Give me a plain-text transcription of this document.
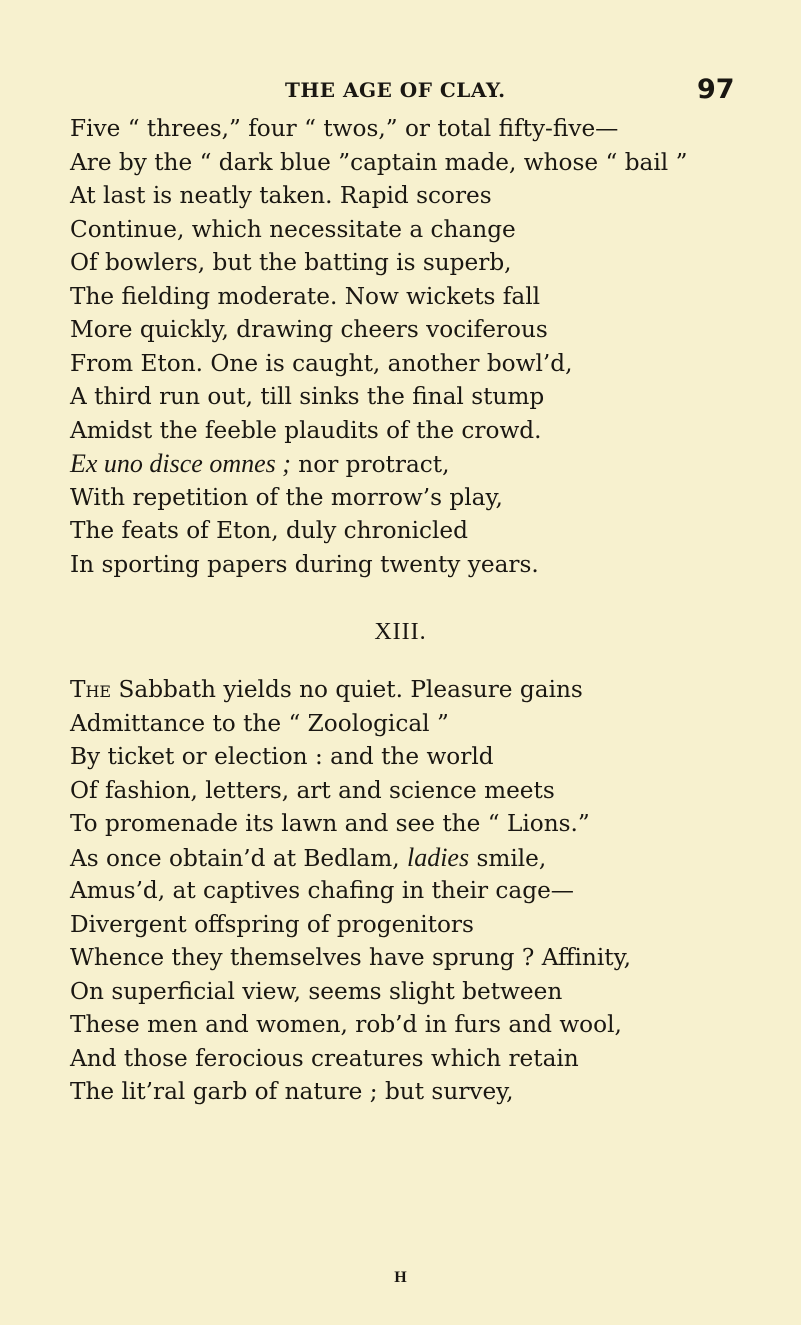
THE AGE OF CLAY.	97
Five “ threes,” four “ twos,” or total fifty-five—
Are by the “ dark blue ”captain made, whose “ bail ”
At last is neatly taken. Rapid scores
Continue, which necessitate a change
Of bowlers, but the batting is superb,
The fielding moderate. Now wickets fall
More quickly, drawing cheers vociferous
From Eton. One is caught, another bowl’d,
A third run out, till sinks the final stump
Amidst the feeble plaudits of the crowd.
Ex uno disce omnes ; nor protract,
With repetition of the morrow’s play,
The feats of Eton, duly chronicled
In sporting papers during twenty years.
XIII.
The Sabbath yields no quiet. Pleasure gains
Admittance to the “ Zoological ”
By ticket or election : and the world
Of fashion, letters, art and science meets
To promenade its lawn and see the “ Lions.”
As once obtain’d at Bedlam, ladies smile,
Amus’d, at captives chafing in their cage—
Divergent offspring of progenitors
Whence they themselves have sprung ? Affinity,
On superficial view, seems slight between
These men and women, rob’d in furs and wool,
And those ferocious creatures which retain
The lit’ral garb of nature ; but survey,
H
